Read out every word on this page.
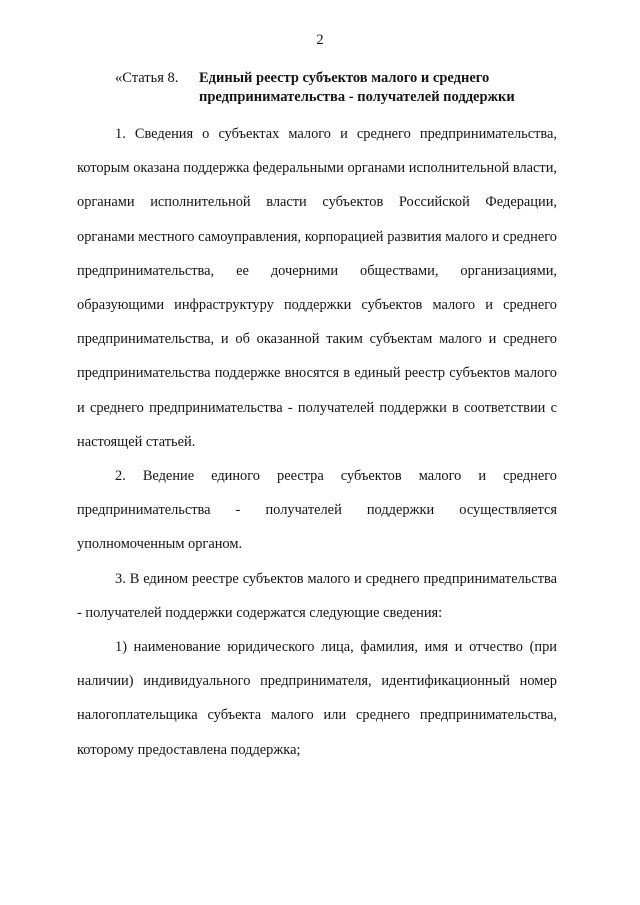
2
«Статья 8. Единый реестр субъектов малого и среднего предпринимательства - получателей поддержки

1. Сведения о субъектах малого и среднего предпринимательства, которым оказана поддержка федеральными органами исполнительной власти, органами исполнительной власти субъектов Российской Федерации, органами местного самоуправления, корпорацией развития малого и среднего предпринимательства, ее дочерними обществами, организациями, образующими инфраструктуру поддержки субъектов малого и среднего предпринимательства, и об оказанной таким субъектам малого и среднего предпринимательства поддержке вносятся в единый реестр субъектов малого и среднего предпринимательства - получателей поддержки в соответствии с настоящей статьей.

2. Ведение единого реестра субъектов малого и среднего предпринимательства - получателей поддержки осуществляется уполномоченным органом.

3. В едином реестре субъектов малого и среднего предпринимательства - получателей поддержки содержатся следующие сведения:

1) наименование юридического лица, фамилия, имя и отчество (при наличии) индивидуального предпринимателя, идентификационный номер налогоплательщика субъекта малого или среднего предпринимательства, которому предоставлена поддержка;
